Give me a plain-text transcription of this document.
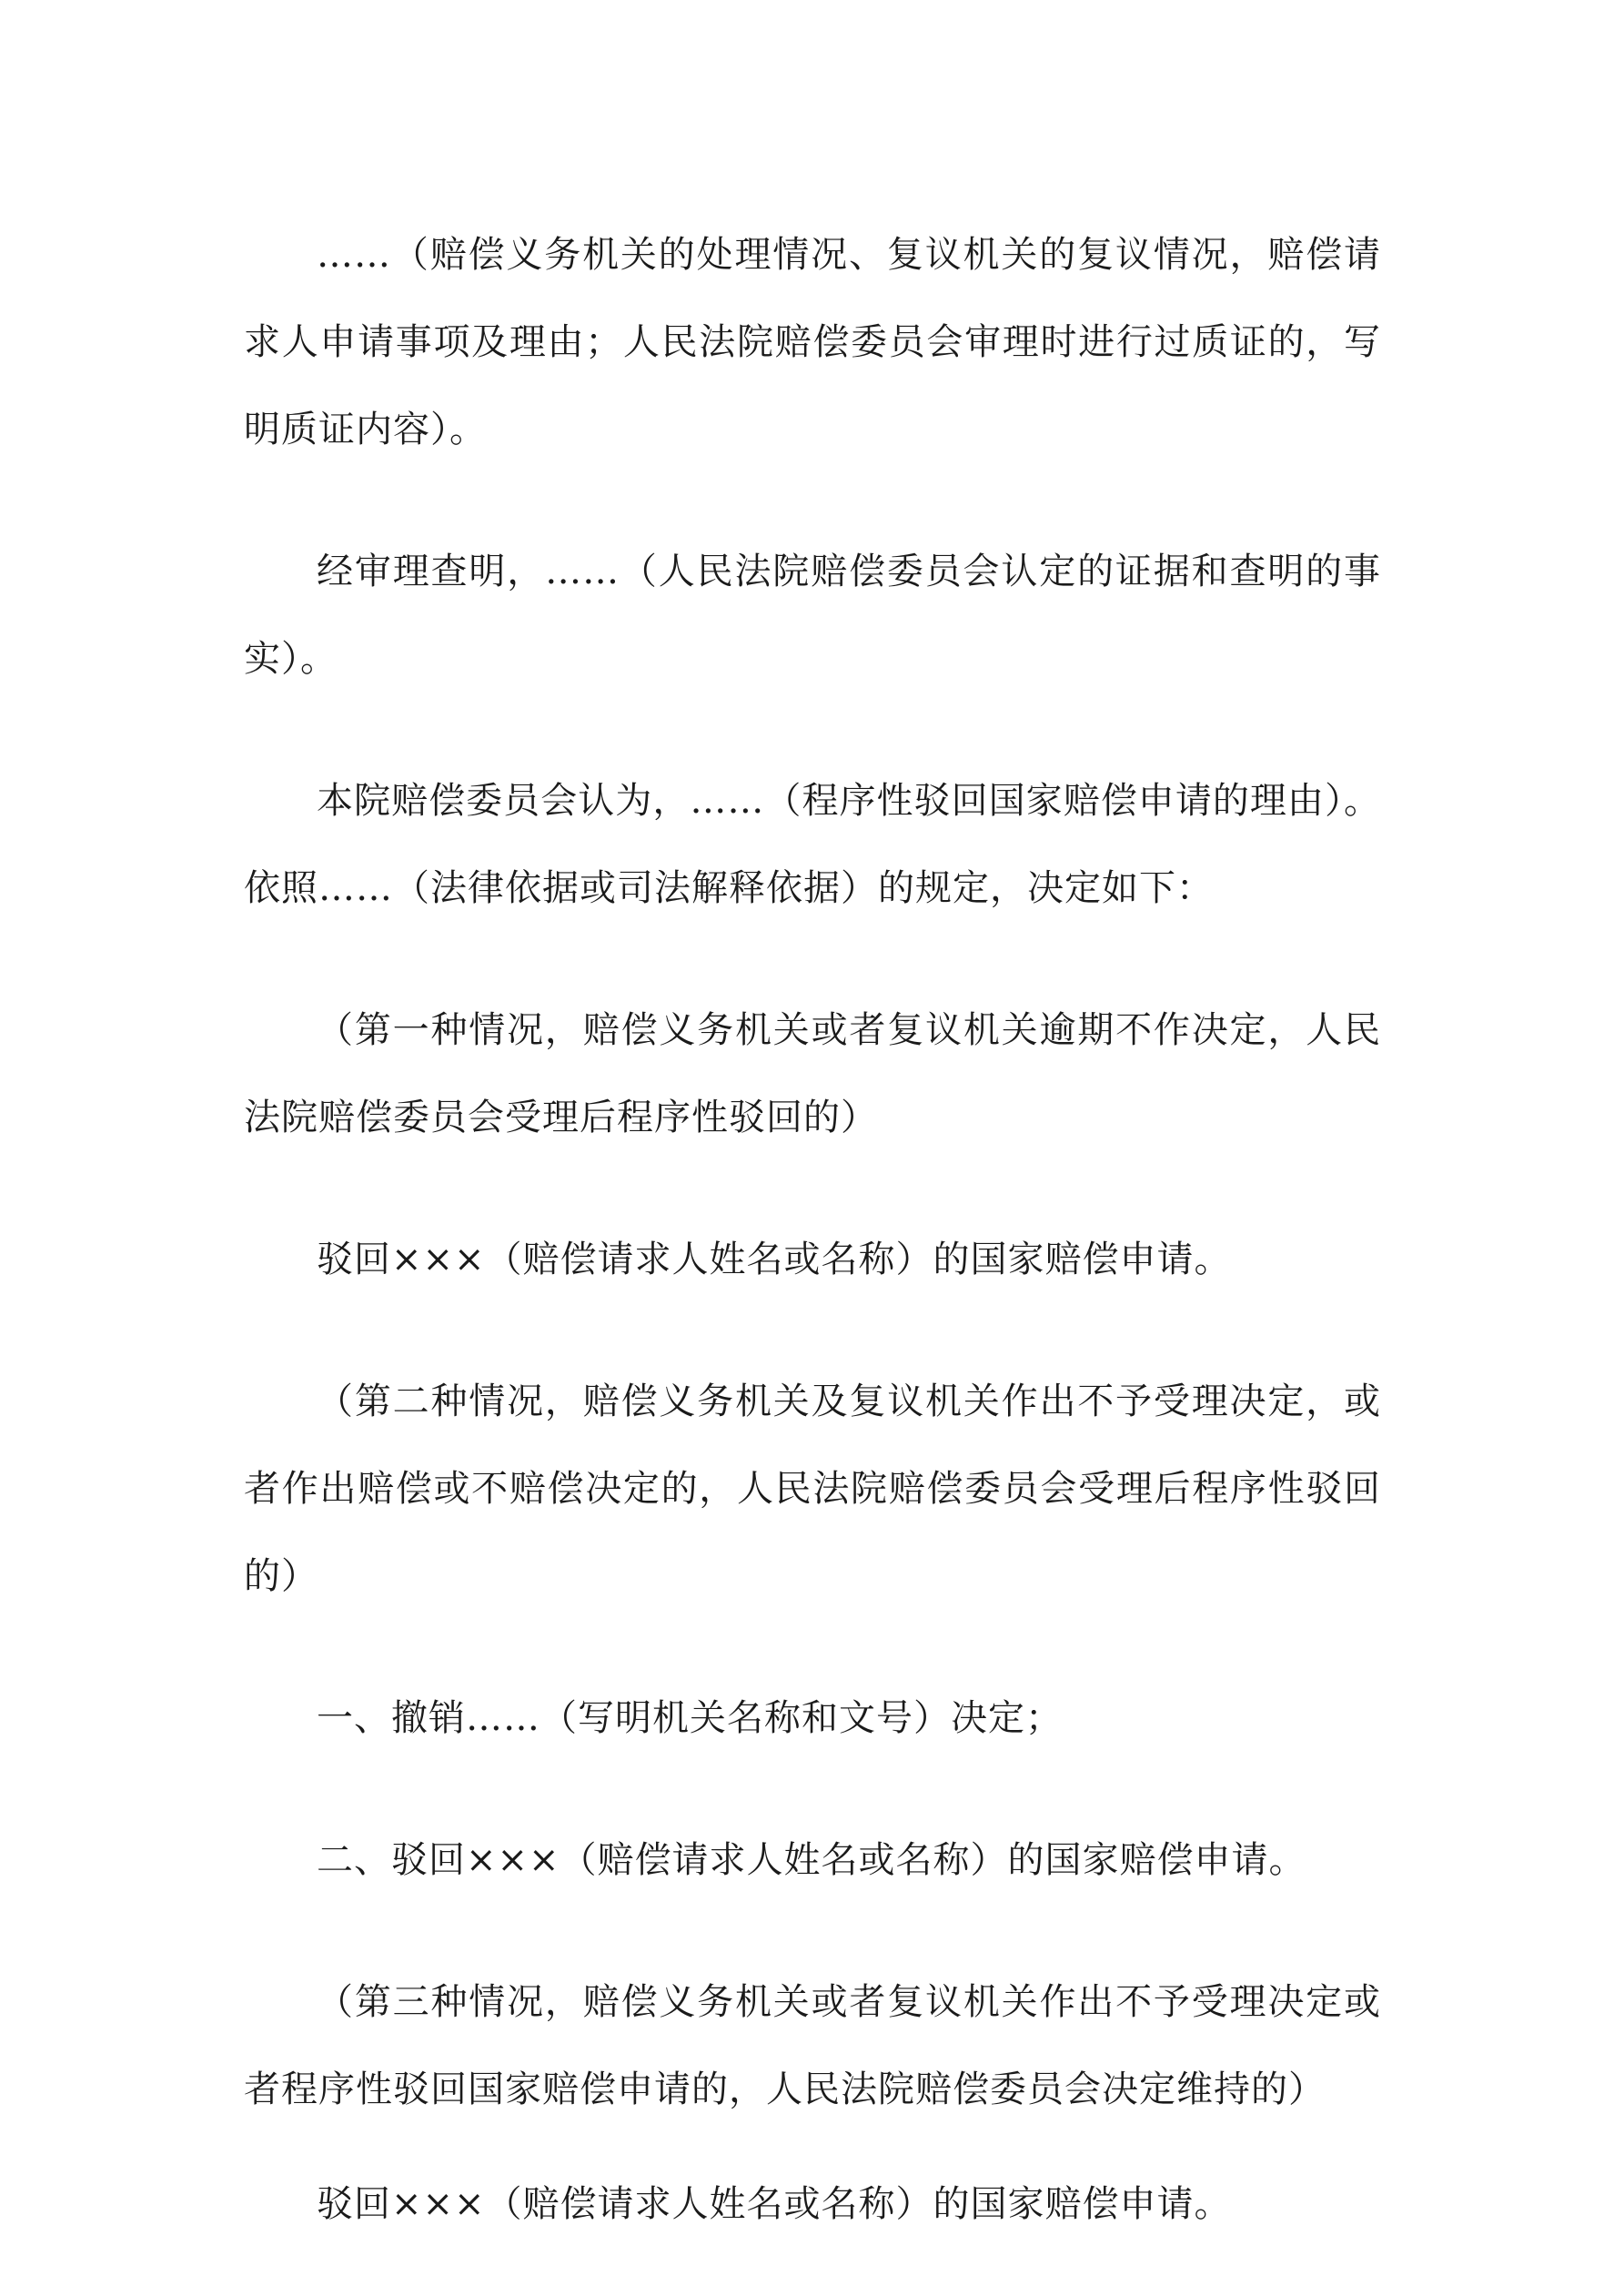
……（赔偿义务机关的处理情况、复议机关的复议情况，赔偿请求人申请事项及理由；人民法院赔偿委员会审理时进行过质证的，写明质证内容）。

经审理查明，……（人民法院赔偿委员会认定的证据和查明的事实）。

本院赔偿委员会认为，……（程序性驳回国家赔偿申请的理由）。依照……（法律依据或司法解释依据）的规定，决定如下：

（第一种情况，赔偿义务机关或者复议机关逾期不作决定，人民法院赔偿委员会受理后程序性驳回的）

驳回×××（赔偿请求人姓名或名称）的国家赔偿申请。

（第二种情况，赔偿义务机关及复议机关作出不予受理决定，或者作出赔偿或不赔偿决定的，人民法院赔偿委员会受理后程序性驳回的）

一、撤销……（写明机关名称和文号）决定；

二、驳回×××（赔偿请求人姓名或名称）的国家赔偿申请。

（第三种情况，赔偿义务机关或者复议机关作出不予受理决定或者程序性驳回国家赔偿申请的，人民法院赔偿委员会决定维持的）

驳回×××（赔偿请求人姓名或名称）的国家赔偿申请。
